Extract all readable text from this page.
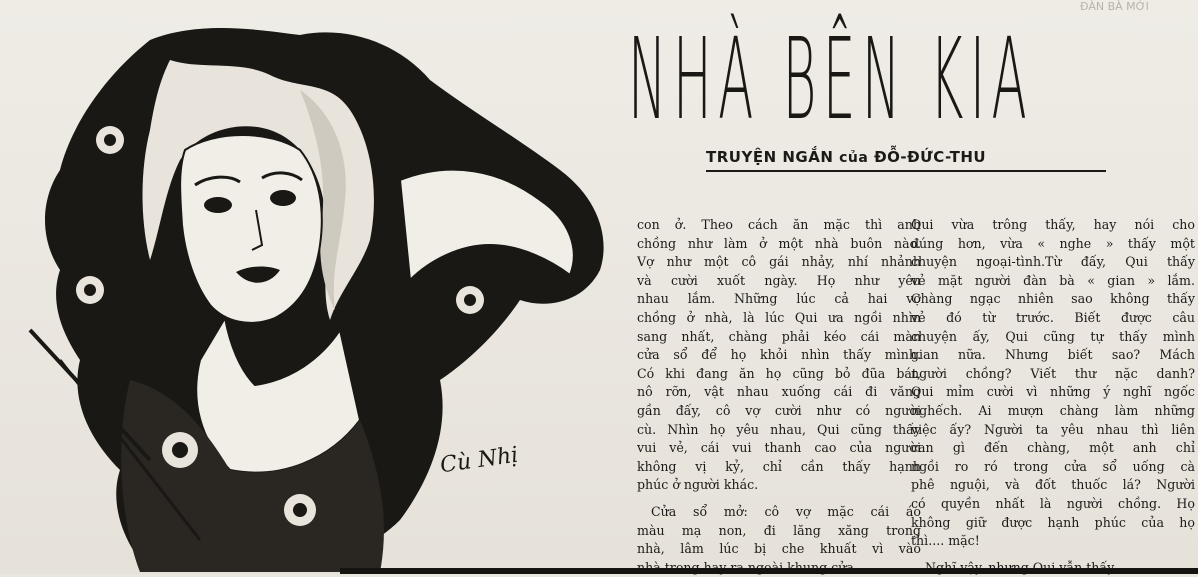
ĐÀN BÀ MỚI
Cù Nhị
NHÀ BÊN KIA
TRUYỆN NGẮN của ĐỖ-ĐỨC-THU
con ở. Theo cách ăn mặc thì anh
chồng như làm ở một nhà buôn nào.
Vợ như một cô gái nhảy, nhí nhảnh
và cười xuốt ngày. Họ như yêu
nhau lắm. Những lúc cả hai vợ
chồng ở nhà, là lúc Qui ưa ngồi nhìn
sang nhất, chàng phải kéo cái màn
cửa sổ để họ khỏi nhìn thấy mình.
Có khi đang ăn họ cũng bỏ đũa bát,
nô rỡn, vật nhau xuống cái đi văng
gần đấy, cô vợ cười như có người
cù. Nhìn họ yêu nhau, Qui cũng thấy
vui vẻ, cái vui thanh cao của người
không vị kỷ, chỉ cần thấy hạnh
phúc ở người khác.
Cửa sổ mở: cô vợ mặc cái áo
màu mạ non, đi lăng xăng trong
nhà, lâm lúc bị che khuất vì vào
Qui vừa trông thấy, hay nói cho
đúng hơn, vừa « nghe » thấy một
chuyện ngoại-tình.Từ đấy, Qui thấy
vẻ mặt người đàn bà « gian » lắm.
Chàng ngạc nhiên sao không thấy
vẻ đó từ trước. Biết được câu
chuyện ấy, Qui cũng tự thấy mình
gian nữa. Nhưng biết sao? Mách
người chồng? Viết thư nặc danh?
Qui mỉm cười vì những ý nghĩ ngốc
nghếch. Ai mượn chàng làm những
việc ấy? Người ta yêu nhau thì liên
can gì đến chàng, một anh chỉ
ngồi ro ró trong cửa sổ uống cà
phê nguội, và đốt thuốc lá? Người
có quyền nhất là người chồng. Họ
không giữ được hạnh phúc của họ
thì.... mặc!
